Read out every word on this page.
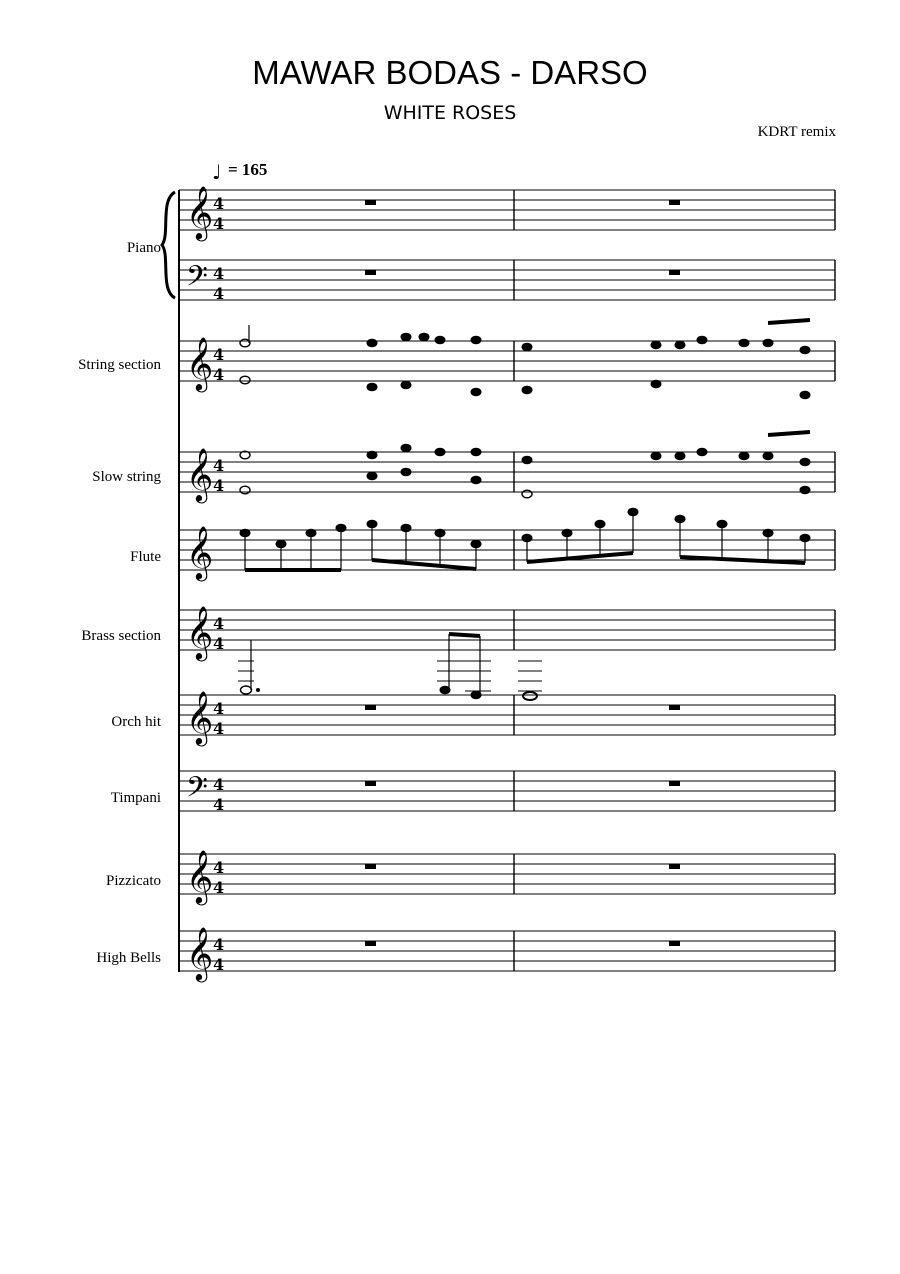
MAWAR BODAS - DARSO
WHITE ROSES
KDRT remix
♩ = 165
Piano
String section
Slow string
Flute
Brass section
Orch hit
Timpani
Pizzicato
High Bells
𝄞 4
4
𝄢 4
4
𝄞 4
4
𝄞 4
4
𝄞
𝄞 4
4
𝄞 4
4
𝄢 4
4
𝄞 4
4
𝄞 4
4
